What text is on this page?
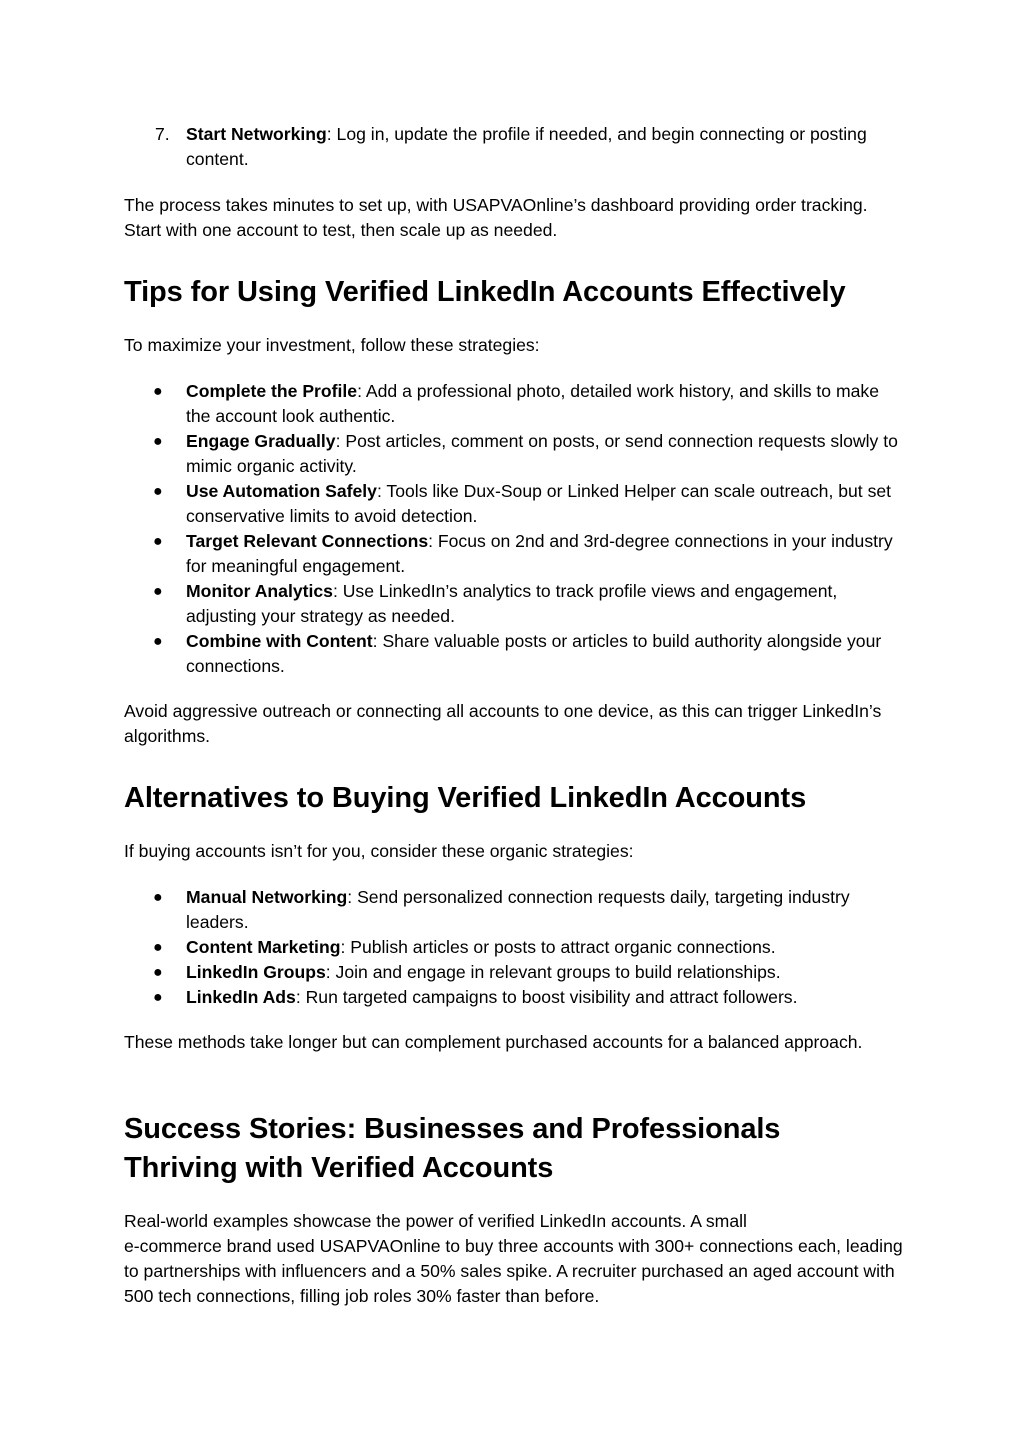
7. Start Networking: Log in, update the profile if needed, and begin connecting or posting content.

The process takes minutes to set up, with USAPVAOnline’s dashboard providing order tracking. Start with one account to test, then scale up as needed.

Tips for Using Verified LinkedIn Accounts Effectively

To maximize your investment, follow these strategies:

●	Complete the Profile: Add a professional photo, detailed work history, and skills to make the account look authentic.
●	Engage Gradually: Post articles, comment on posts, or send connection requests slowly to mimic organic activity.
●	Use Automation Safely: Tools like Dux-Soup or Linked Helper can scale outreach, but set conservative limits to avoid detection.
●	Target Relevant Connections: Focus on 2nd and 3rd-degree connections in your industry for meaningful engagement.
●	Monitor Analytics: Use LinkedIn’s analytics to track profile views and engagement, adjusting your strategy as needed.
●	Combine with Content: Share valuable posts or articles to build authority alongside your connections.

Avoid aggressive outreach or connecting all accounts to one device, as this can trigger LinkedIn’s algorithms.

Alternatives to Buying Verified LinkedIn Accounts

If buying accounts isn’t for you, consider these organic strategies:

●	Manual Networking: Send personalized connection requests daily, targeting industry leaders.
●	Content Marketing: Publish articles or posts to attract organic connections.
●	LinkedIn Groups: Join and engage in relevant groups to build relationships.
●	LinkedIn Ads: Run targeted campaigns to boost visibility and attract followers.

These methods take longer but can complement purchased accounts for a balanced approach.

Success Stories: Businesses and Professionals
Thriving with Verified Accounts

Real-world examples showcase the power of verified LinkedIn accounts. A small
e-commerce brand used USAPVAOnline to buy three accounts with 300+ connections each, leading to partnerships with influencers and a 50% sales spike. A recruiter purchased an aged account with 500 tech connections, filling job roles 30% faster than before.
